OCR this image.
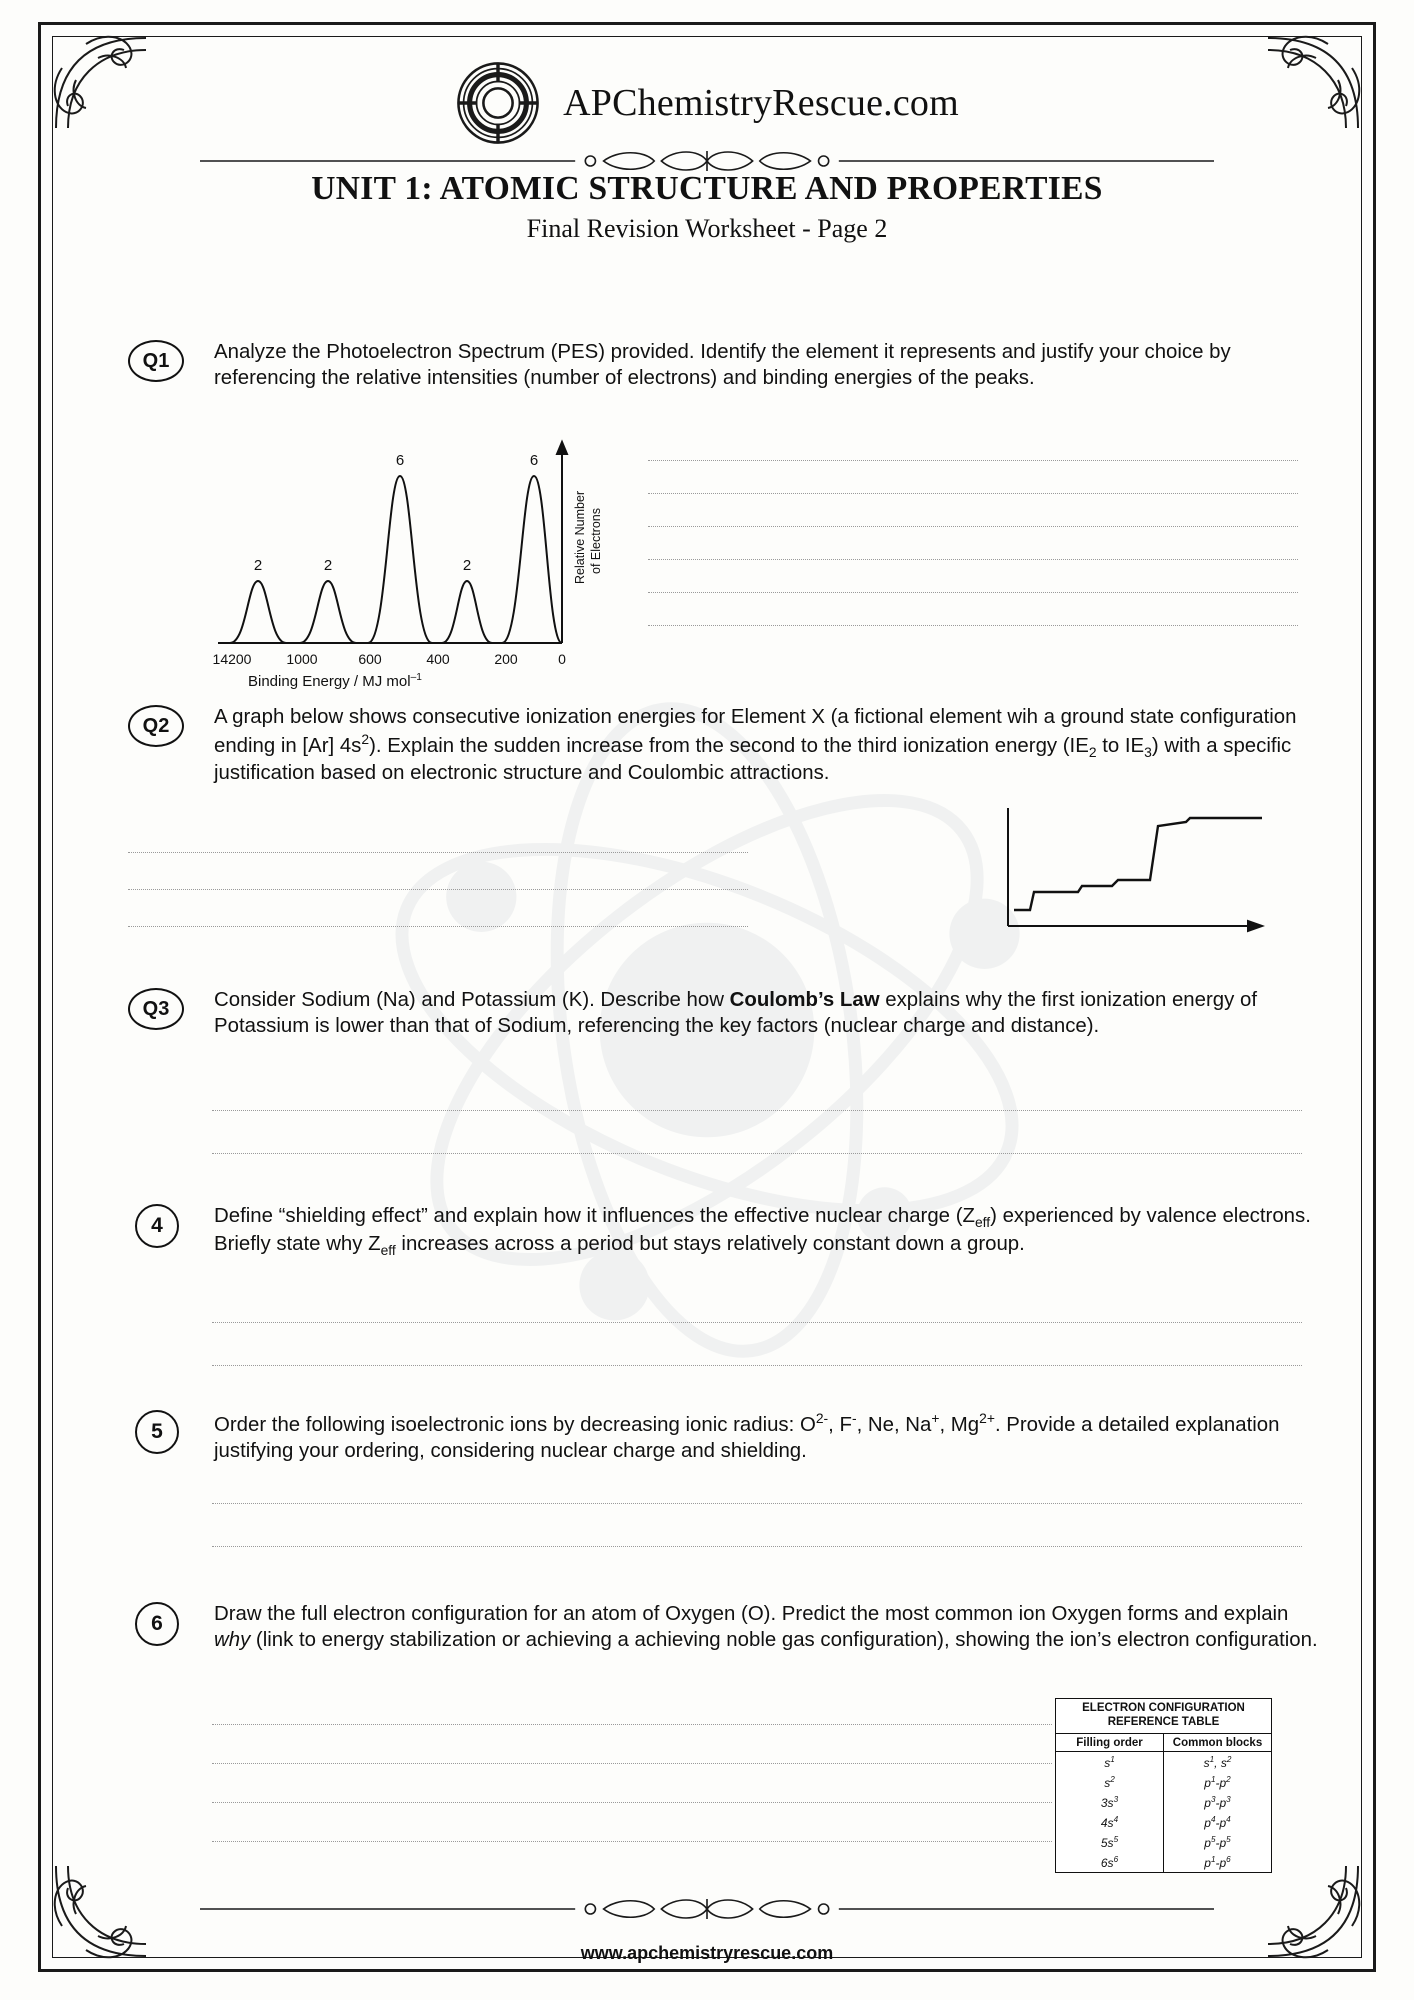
APChemistryRescue.com
UNIT 1: ATOMIC STRUCTURE AND PROPERTIES
Final Revision Worksheet - Page 2
Q1	Analyze the Photoelectron Spectrum (PES) provided. Identify the element it represents and justify your choice by referencing the relative intensities (number of electrons) and binding energies of the peaks.
2	2
6
2
6
14200 1000	600	400	200	0
Relative Number of Electrons
Binding Energy / MJ mol$^{-1}$
Q2	A graph below shows consecutive ionization energies for Element X (a fictional element wih a ground state configuration ending in [Ar] $4s^2$). Explain the sudden increase from the second to the third ionization energy ($IE_2$ to $IE_3$) with a specific justification based on electronic structure and Coulombic attractions.
Q3	Consider Sodium (Na) and Potassium (K). Describe how Coulomb’s Law explains why the first ionization energy of Potassium is lower than that of Sodium, referencing the key factors (nuclear charge and distance).
4	Define “shielding effect” and explain how it influences the effective nuclear charge $(Z_{eff})$ experienced by valence electrons. Briefly state why $Z_{eff}$ increases across a period but stays relatively constant down a group.
5	Order the following isoelectronic ions by decreasing ionic radius: $O^{2-}$, F-, Ne, Na+, $Mg^{2+}$. Provide a detailed explanation justifying your ordering, considering nuclear charge and shielding.
6	Draw the full electron configuration for an atom of Oxygen (O). Predict the most common ion Oxygen forms and explain why (link to energy stabilization or achieving a achieving noble gas configuration), showing the ion’s electron configuration.
ELECTRON CONFIGURATION
REFERENCE TABLE
Filling order	Common blocks
$s^1$	$s^1$, $s^2$
$s^2$	$p^1-p^2$
$3s^3$	$p^3-p^3$
$4s^4$	$p^4-p^4$
$5s^5$	$p^5-p^5$
$6s^6$	$p^1-p^6$
www.apchemistryrescue.com
